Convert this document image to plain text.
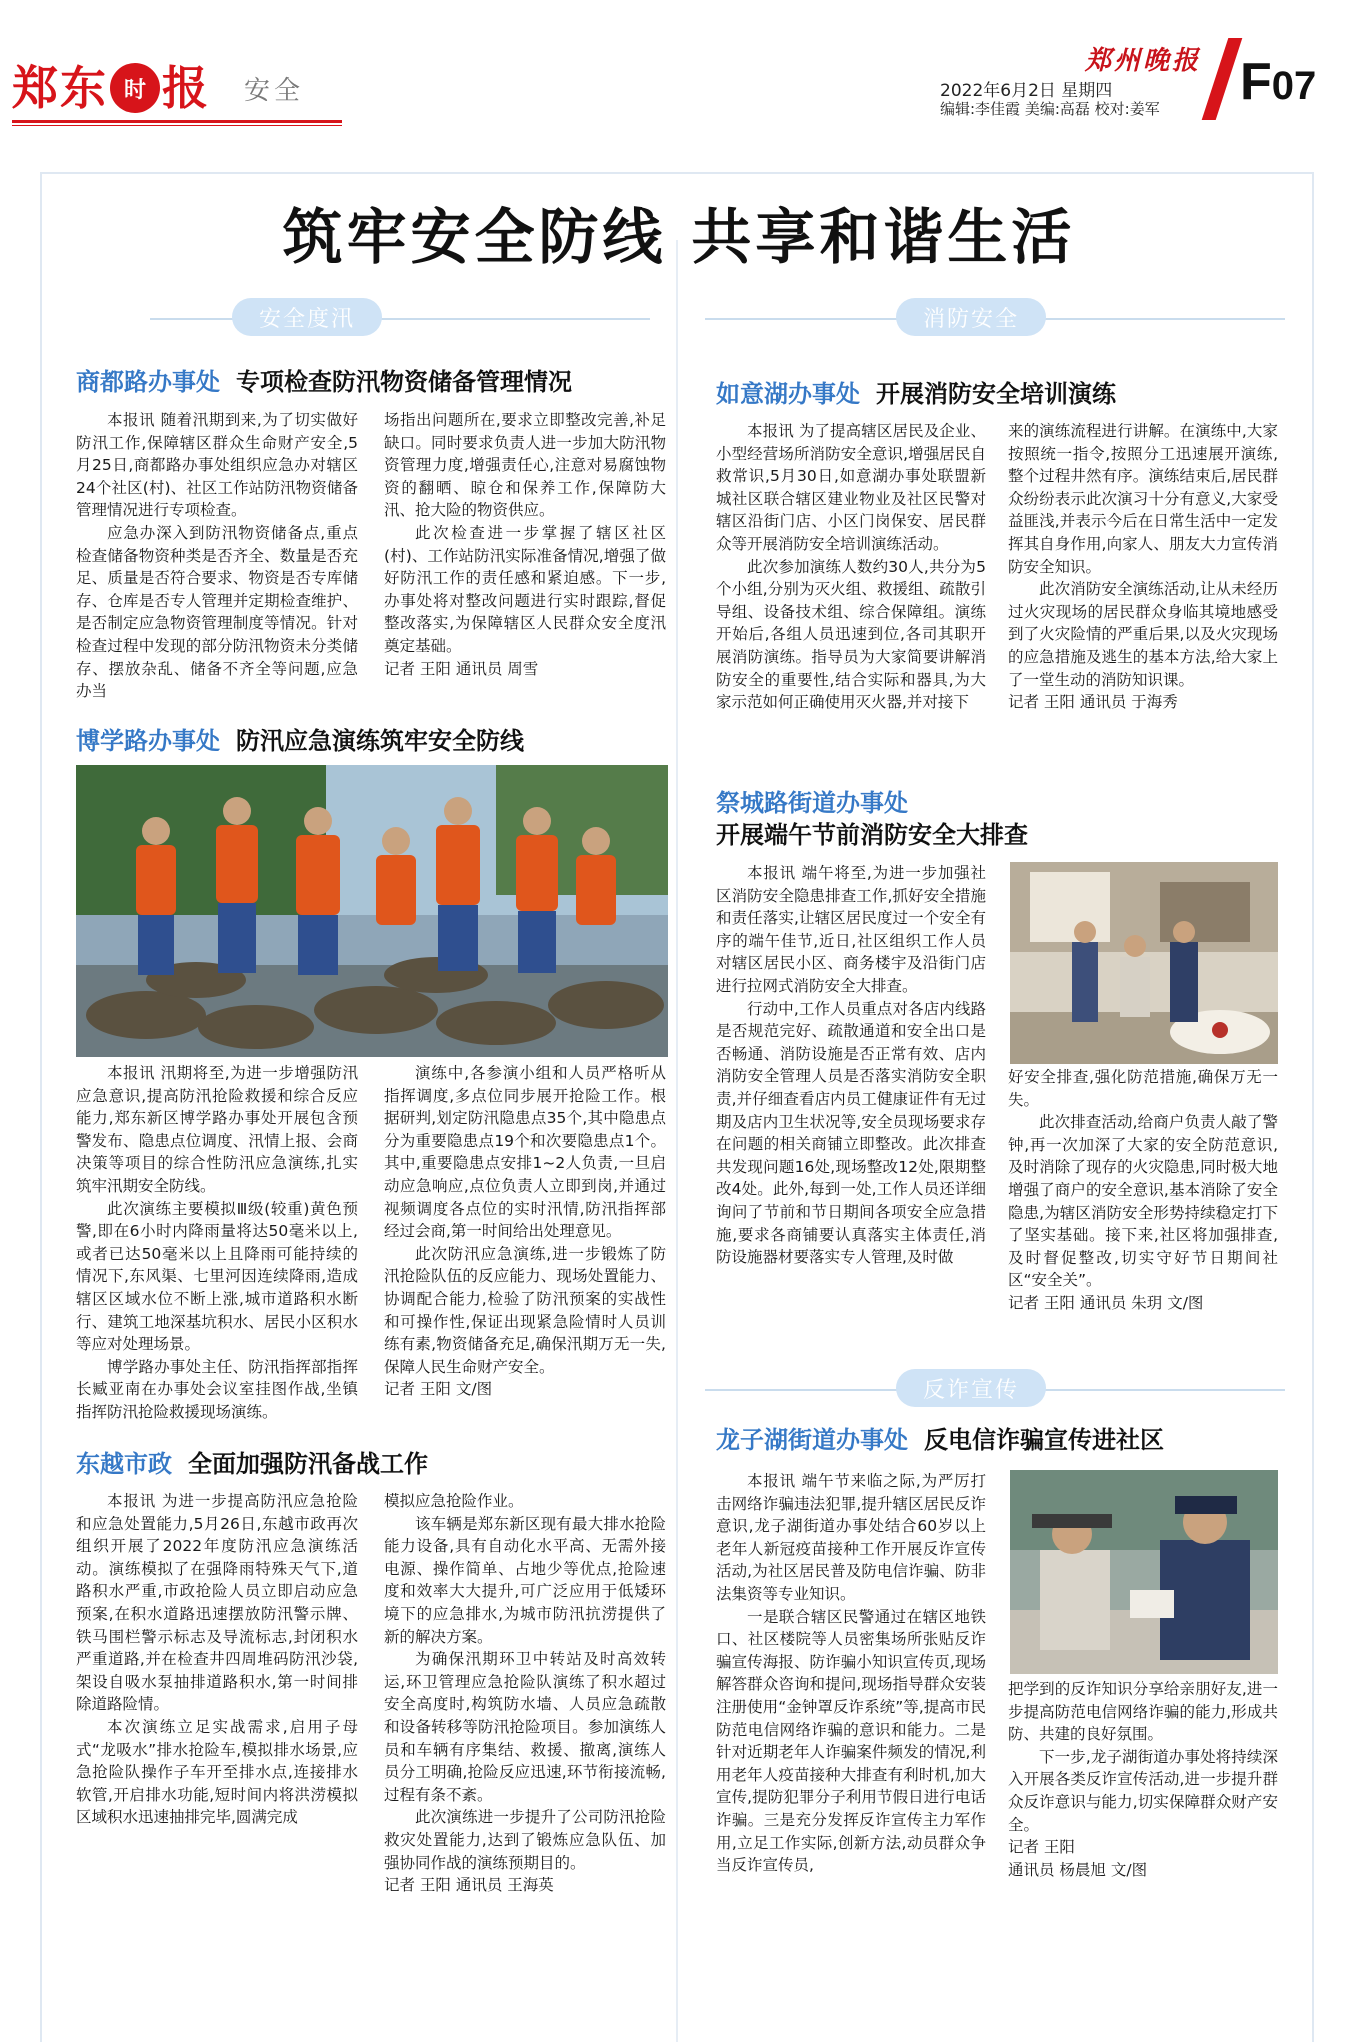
郑东 时 报 安全
郑州晚报
2022年6月2日 星期四
编辑:李佳霞 美编:高磊 校对:姜军 F07
筑牢安全防线 共享和谐生活
安全度汛	消防安全
反诈宣传
商都路办事处 专项检查防汛物资储备管理情况

本报讯 随着汛期到来,为了切实做好防汛工作,保障辖区群众生命财产安全,5月25日,商都路办事处组织应急办对辖区24个社区(村)、社区工作站防汛物资储备管理情况进行专项检查。

应急办深入到防汛物资储备点,重点检查储备物资种类是否齐全、数量是否充足、质量是否符合要求、物资是否专库储存、仓库是否专人管理并定期检查维护、是否制定应急物资管理制度等情况。针对检查过程中发现的部分防汛物资未分类储存、摆放杂乱、储备不齐全等问题,应急办当

场指出问题所在,要求立即整改完善,补足缺口。同时要求负责人进一步加大防汛物资管理力度,增强责任心,注意对易腐蚀物资的翻晒、晾仓和保养工作,保障防大汛、抢大险的物资供应。

此次检查进一步掌握了辖区社区(村)、工作站防汛实际准备情况,增强了做好防汛工作的责任感和紧迫感。下一步,办事处将对整改问题进行实时跟踪,督促整改落实,为保障辖区人民群众安全度汛奠定基础。

记者 王阳 通讯员 周雪

博学路办事处 防汛应急演练筑牢安全防线

本报讯 汛期将至,为进一步增强防汛应急意识,提高防汛抢险救援和综合反应能力,郑东新区博学路办事处开展包含预警发布、隐患点位调度、汛情上报、会商决策等项目的综合性防汛应急演练,扎实筑牢汛期安全防线。

此次演练主要模拟Ⅲ级(较重)黄色预警,即在6小时内降雨量将达50毫米以上,或者已达50毫米以上且降雨可能持续的情况下,东风渠、七里河因连续降雨,造成辖区区域水位不断上涨,城市道路积水断行、建筑工地深基坑积水、居民小区积水等应对处理场景。

博学路办事处主任、防汛指挥部指挥长臧亚南在办事处会议室挂图作战,坐镇指挥防汛抢险救援现场演练。

演练中,各参演小组和人员严格听从指挥调度,多点位同步展开抢险工作。根据研判,划定防汛隐患点35个,其中隐患点分为重要隐患点19个和次要隐患点1个。其中,重要隐患点安排1~2人负责,一旦启动应急响应,点位负责人立即到岗,并通过视频调度各点位的实时汛情,防汛指挥部经过会商,第一时间给出处理意见。

此次防汛应急演练,进一步锻炼了防汛抢险队伍的反应能力、现场处置能力、协调配合能力,检验了防汛预案的实战性和可操作性,保证出现紧急险情时人员训练有素,物资储备充足,确保汛期万无一失,保障人民生命财产安全。

记者 王阳 文/图

东越市政 全面加强防汛备战工作

本报讯 为进一步提高防汛应急抢险和应急处置能力,5月26日,东越市政再次组织开展了2022年度防汛应急演练活动。演练模拟了在强降雨特殊天气下,道路积水严重,市政抢险人员立即启动应急预案,在积水道路迅速摆放防汛警示牌、铁马围栏警示标志及导流标志,封闭积水严重道路,并在检查井四周堆码防汛沙袋,架设自吸水泵抽排道路积水,第一时间排除道路险情。

本次演练立足实战需求,启用子母式“龙吸水”排水抢险车,模拟排水场景,应急抢险队操作子车开至排水点,连接排水软管,开启排水功能,短时间内将洪涝模拟区域积水迅速抽排完毕,圆满完成

模拟应急抢险作业。

该车辆是郑东新区现有最大排水抢险能力设备,具有自动化水平高、无需外接电源、操作简单、占地少等优点,抢险速度和效率大大提升,可广泛应用于低矮环境下的应急排水,为城市防汛抗涝提供了新的解决方案。

为确保汛期环卫中转站及时高效转运,环卫管理应急抢险队演练了积水超过安全高度时,构筑防水墙、人员应急疏散和设备转移等防汛抢险项目。参加演练人员和车辆有序集结、救援、撤离,演练人员分工明确,抢险反应迅速,环节衔接流畅,过程有条不紊。

此次演练进一步提升了公司防汛抢险救灾处置能力,达到了锻炼应急队伍、加强协同作战的演练预期目的。

记者 王阳 通讯员 王海英

如意湖办事处 开展消防安全培训演练

本报讯 为了提高辖区居民及企业、小型经营场所消防安全意识,增强居民自救常识,5月30日,如意湖办事处联盟新城社区联合辖区建业物业及社区民警对辖区沿街门店、小区门岗保安、居民群众等开展消防安全培训演练活动。

此次参加演练人数约30人,共分为5个小组,分别为灭火组、救援组、疏散引导组、设备技术组、综合保障组。演练开始后,各组人员迅速到位,各司其职开展消防演练。指导员为大家简要讲解消防安全的重要性,结合实际和器具,为大家示范如何正确使用灭火器,并对接下

来的演练流程进行讲解。在演练中,大家按照统一指令,按照分工迅速展开演练,整个过程井然有序。演练结束后,居民群众纷纷表示此次演习十分有意义,大家受益匪浅,并表示今后在日常生活中一定发挥其自身作用,向家人、朋友大力宣传消防安全知识。

此次消防安全演练活动,让从未经历过火灾现场的居民群众身临其境地感受到了火灾险情的严重后果,以及火灾现场的应急措施及逃生的基本方法,给大家上了一堂生动的消防知识课。

记者 王阳 通讯员 于海秀

祭城路街道办事处
开展端午节前消防安全大排查

本报讯 端午将至,为进一步加强社区消防安全隐患排查工作,抓好安全措施和责任落实,让辖区居民度过一个安全有序的端午佳节,近日,社区组织工作人员对辖区居民小区、商务楼宇及沿街门店进行拉网式消防安全大排查。

行动中,工作人员重点对各店内线路是否规范完好、疏散通道和安全出口是否畅通、消防设施是否正常有效、店内消防安全管理人员是否落实消防安全职责,并仔细查看店内员工健康证件有无过期及店内卫生状况等,安全员现场要求存在问题的相关商铺立即整改。此次排查共发现问题16处,现场整改12处,限期整改4处。此外,每到一处,工作人员还详细询问了节前和节日期间各项安全应急措施,要求各商铺要认真落实主体责任,消防设施器材要落实专人管理,及时做

好安全排查,强化防范措施,确保万无一失。

此次排查活动,给商户负责人敲了警钟,再一次加深了大家的安全防范意识,及时消除了现存的火灾隐患,同时极大地增强了商户的安全意识,基本消除了安全隐患,为辖区消防安全形势持续稳定打下了坚实基础。接下来,社区将加强排查,及时督促整改,切实守好节日期间社区“安全关”。

记者 王阳 通讯员 朱玥 文/图

龙子湖街道办事处 反电信诈骗宣传进社区

本报讯 端午节来临之际,为严厉打击网络诈骗违法犯罪,提升辖区居民反诈意识,龙子湖街道办事处结合60岁以上老年人新冠疫苗接种工作开展反诈宣传活动,为社区居民普及防电信诈骗、防非法集资等专业知识。

一是联合辖区民警通过在辖区地铁口、社区楼院等人员密集场所张贴反诈骗宣传海报、防诈骗小知识宣传页,现场解答群众咨询和提问,现场指导群众安装注册使用“金钟罩反诈系统”等,提高市民防范电信网络诈骗的意识和能力。二是针对近期老年人诈骗案件频发的情况,利用老年人疫苗接种大排查有利时机,加大宣传,提防犯罪分子利用节假日进行电话诈骗。三是充分发挥反诈宣传主力军作用,立足工作实际,创新方法,动员群众争当反诈宣传员,

把学到的反诈知识分享给亲朋好友,进一步提高防范电信网络诈骗的能力,形成共防、共建的良好氛围。

下一步,龙子湖街道办事处将持续深入开展各类反诈宣传活动,进一步提升群众反诈意识与能力,切实保障群众财产安全。

记者 王阳

通讯员 杨晨旭 文/图
